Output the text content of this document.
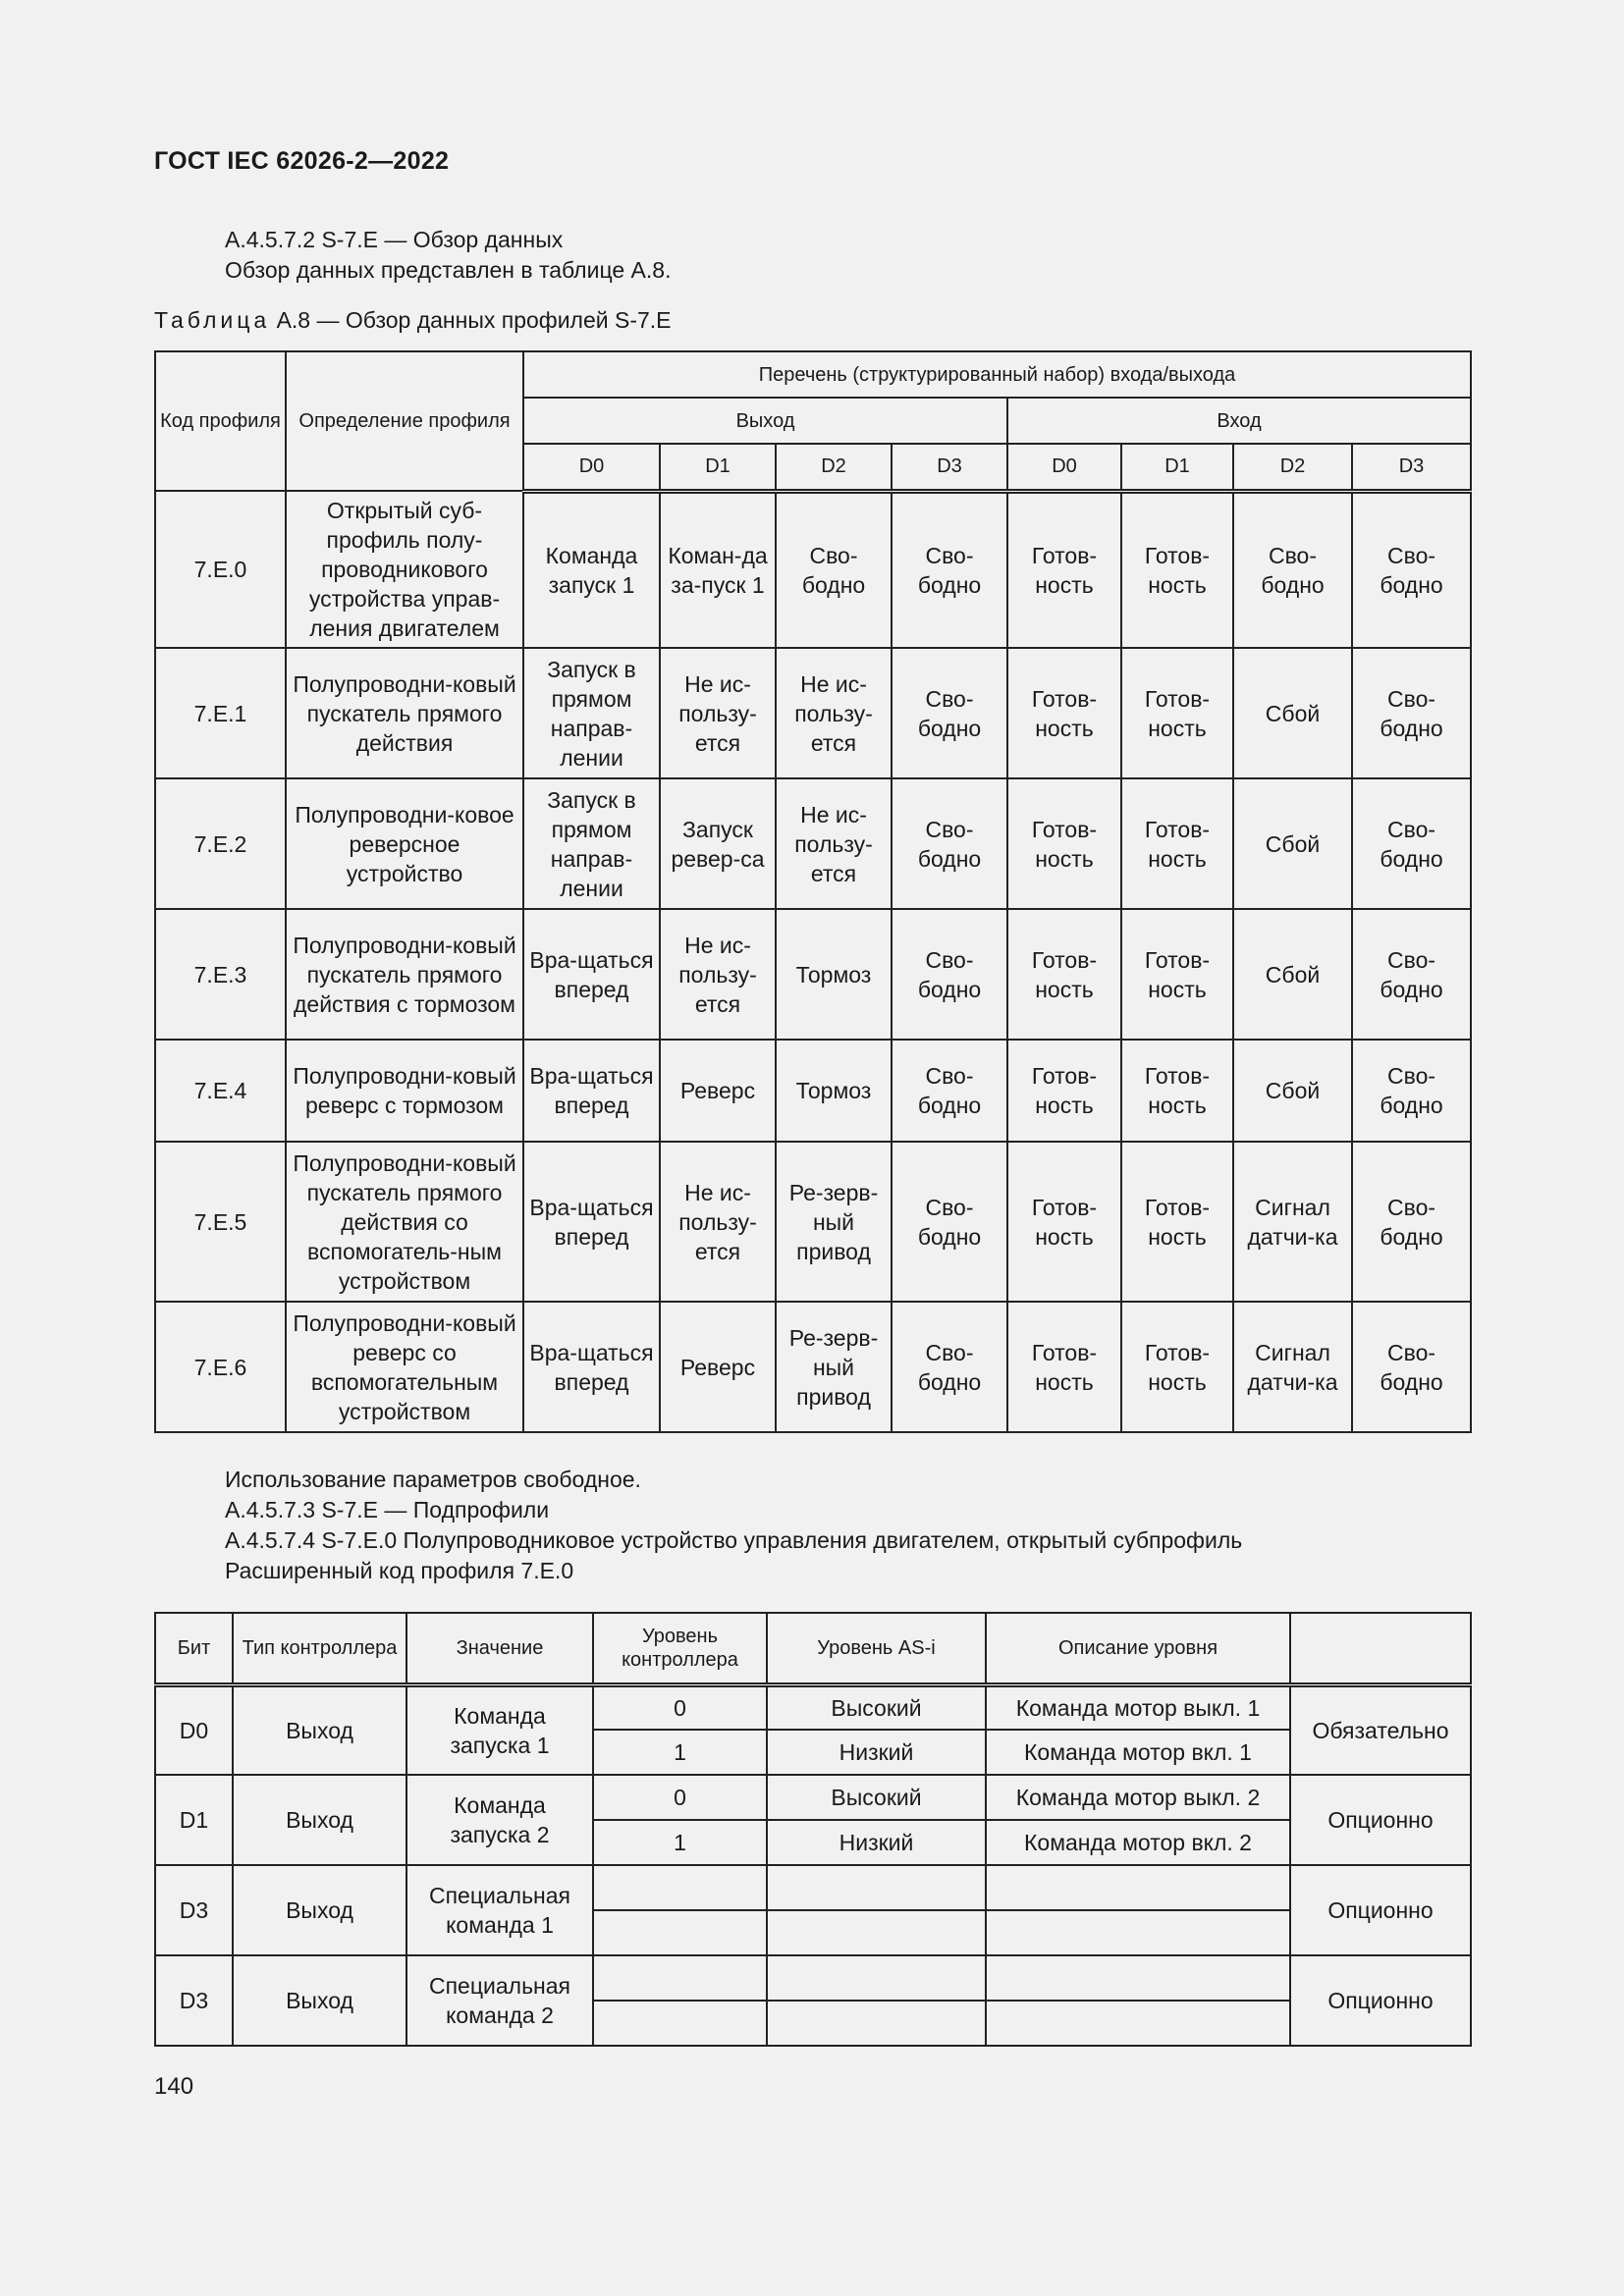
ГОСТ IEC 62026-2—2022
А.4.5.7.2 S-7.E — Обзор данных
Обзор данных представлен в таблице А.8.
Таблица А.8 — Обзор данных профилей S-7.E
Код профиля	Определение профиля	Перечень (структурированный набор) входа/выхода							
		Выход				Вход			
		D0	D1	D2	D3	D0	D1	D2	D3
7.E.0	Открытый суб-профиль полу-проводникового устройства управ-ления двигателем	Команда запуск 1	Коман-да за-пуск 1	Сво-бодно	Сво-бодно	Готов-ность	Готов-ность	Сво-бодно	Сво-бодно
7.E.1	Полупроводни-ковый пускатель прямого действия	Запуск в прямом направ-лении	Не ис-пользу-ется	Не ис-пользу-ется	Сво-бодно	Готов-ность	Готов-ность	Сбой	Сво-бодно
7.E.2	Полупроводни-ковое реверсное устройство	Запуск в прямом направ-лении	Запуск ревер-са	Не ис-пользу-ется	Сво-бодно	Готов-ность	Готов-ность	Сбой	Сво-бодно
7.E.3	Полупроводни-ковый пускатель прямого действия с тормозом	Вра-щаться вперед	Не ис-пользу-ется	Тормоз	Сво-бодно	Готов-ность	Готов-ность	Сбой	Сво-бодно
7.E.4	Полупроводни-ковый реверс с тормозом	Вра-щаться вперед	Реверс	Тормоз	Сво-бодно	Готов-ность	Готов-ность	Сбой	Сво-бодно
7.E.5	Полупроводни-ковый пускатель прямого действия со вспомогатель-ным устройством	Вра-щаться вперед	Не ис-пользу-ется	Ре-зерв-ный привод	Сво-бодно	Готов-ность	Готов-ность	Сигнал датчи-ка	Сво-бодно
7.E.6	Полупроводни-ковый реверс со вспомогательным устройством	Вра-щаться вперед	Реверс	Ре-зерв-ный привод	Сво-бодно	Готов-ность	Готов-ность	Сигнал датчи-ка	Сво-бодно
Использование параметров свободное.
А.4.5.7.3 S-7.E — Подпрофили
А.4.5.7.4 S-7.E.0 Полупроводниковое устройство управления двигателем, открытый субпрофиль
Расширенный код профиля 7.Е.0
Бит	Тип контроллера	Значение	Уровень контроллера	Уровень AS-i	Описание уровня	
D0	Выход	Команда запуска 1	0	Высокий	Команда мотор выкл. 1	Обязательно
			1	Низкий	Команда мотор вкл. 1	
D1	Выход	Команда запуска 2	0	Высокий	Команда мотор выкл. 2	Опционно
			1	Низкий	Команда мотор вкл. 2	
D3	Выход	Специальная команда 1				Опционно

D3	Выход	Специальная команда 2				Опционно

140
